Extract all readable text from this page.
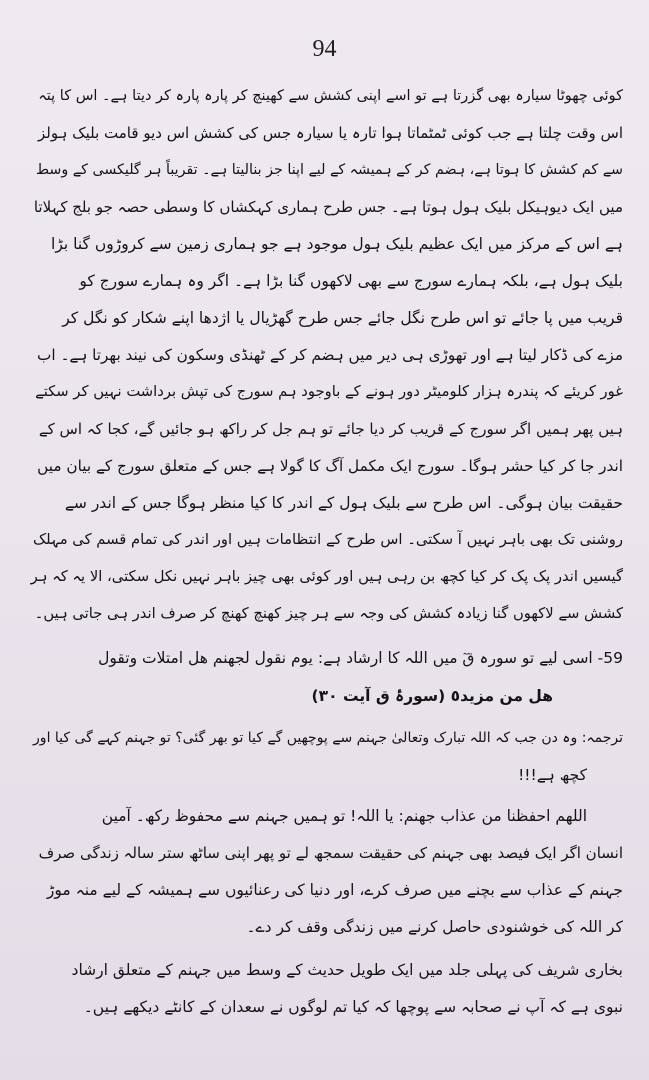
94
کوئی چھوٹا سیارہ بھی گزرتا ہے تو اسے اپنی کشش سے کھینچ کر پارہ پارہ کر دیتا ہے۔ اس کا پتہ
اس وقت چلتا ہے جب کوئی ٹمٹماتا ہوا تارہ یا سیارہ جس کی کشش اس دیو قامت بلیک ہولز
سے کم کشش کا ہوتا ہے، ہضم کر کے ہمیشہ کے لیے اپنا جز بنالیتا ہے۔ تقریباً ہر گلیکسی کے وسط
میں ایک دیوہیکل بلیک ہول ہوتا ہے۔ جس طرح ہماری کہکشاں کا وسطی حصہ جو بلج کہلاتا
ہے اس کے مرکز میں ایک عظیم بلیک ہول موجود ہے جو ہماری زمین سے کروڑوں گنا بڑا
بلیک ہول ہے، بلکہ ہمارے سورج سے بھی لاکھوں گنا بڑا ہے۔ اگر وہ ہمارے سورج کو
قریب میں پا جائے تو اس طرح نگل جائے جس طرح گھڑیال یا اژدھا اپنے شکار کو نگل کر
مزے کی ڈکار لیتا ہے اور تھوڑی ہی دیر میں ہضم کر کے ٹھنڈی وسکون کی نیند بھرتا ہے۔ اب
غور کریئے کہ پندرہ ہزار کلومیٹر دور ہونے کے باوجود ہم سورج کی تپش برداشت نہیں کر سکتے
ہیں پھر ہمیں اگر سورج کے قریب کر دیا جائے تو ہم جل کر راکھ ہو جائیں گے، کجا کہ اس کے
اندر جا کر کیا حشر ہوگا۔ سورج ایک مکمل آگ کا گولا ہے جس کے متعلق سورج کے بیان میں
حقیقت بیان ہوگی۔ اس طرح سے بلیک ہول کے اندر کا کیا منظر ہوگا جس کے اندر سے
روشنی تک بھی باہر نہیں آ سکتی۔ اس طرح کے انتظامات ہیں اور اندر کی تمام قسم کی مہلک
گیسیں اندر پک پک کر کیا کچھ بن رہی ہیں اور کوئی بھی چیز باہر نہیں نکل سکتی، الا یہ کہ ہر
کشش سے لاکھوں گنا زیادہ کشش کی وجہ سے ہر چیز کھنچ کھنچ کر صرف اندر ہی جاتی ہیں۔
59- اسی لیے تو سورہ قٓ میں اللہ کا ارشاد ہے: یوم نقول لجهنم هل امتلات وتقول
هل من مزيد٥ (سورۂ ق آیت ۳۰)
ترجمہ: وہ دن جب کہ اللہ تبارک وتعالیٰ جہنم سے پوچھیں گے کیا تو بھر گئی؟ تو جہنم کہے گی کیا اور
کچھ ہے!!!
اللهم احفظنا من عذاب جهنم: یا اللہ! تو ہمیں جہنم سے محفوظ رکھ۔ آمین
انسان اگر ایک فیصد بھی جہنم کی حقیقت سمجھ لے تو پھر اپنی ساٹھ ستر سالہ زندگی صرف
جہنم کے عذاب سے بچنے میں صرف کرے، اور دنیا کی رعنائیوں سے ہمیشہ کے لیے منہ موڑ
کر اللہ کی خوشنودی حاصل کرنے میں زندگی وقف کر دے۔
بخاری شریف کی پہلی جلد میں ایک طویل حدیث کے وسط میں جہنم کے متعلق ارشاد
نبوی ہے کہ آپ نے صحابہ سے پوچھا کہ کیا تم لوگوں نے سعدان کے کانٹے دیکھے ہیں۔
